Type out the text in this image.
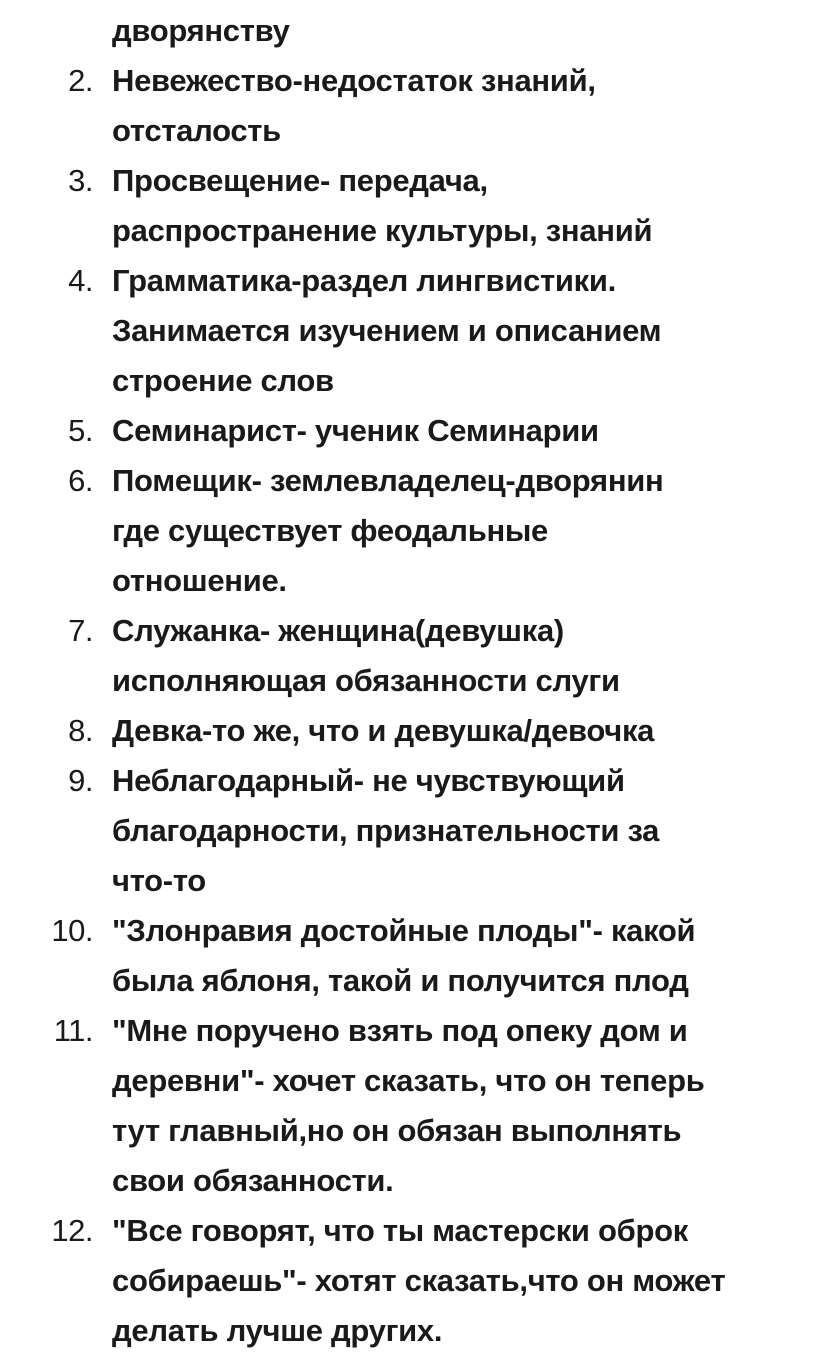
дворянству
2. Невежество-недостаток знаний,
отсталость
3. Просвещение- передача,
распространение культуры, знаний
4. Грамматика-раздел лингвистики.
Занимается изучением и описанием
строение слов
5. Семинарист- ученик Семинарии
6. Помещик- землевладелец-дворянин
где существует феодальные
отношение.
7. Служанка- женщина(девушка)
исполняющая обязанности слуги
8. Девка-то же, что и девушка/девочка
9. Неблагодарный- не чувствующий
благодарности, признательности за
что-то
10. "Злонравия достойные плоды"- какой
была яблоня, такой и получится плод
11. "Мне поручено взять под опеку дом и
деревни"- хочет сказать, что он теперь
тут главный,но он обязан выполнять
свои обязанности.
12. "Все говорят, что ты мастерски оброк
собираешь"- хотят сказать,что он может
делать лучше других.
